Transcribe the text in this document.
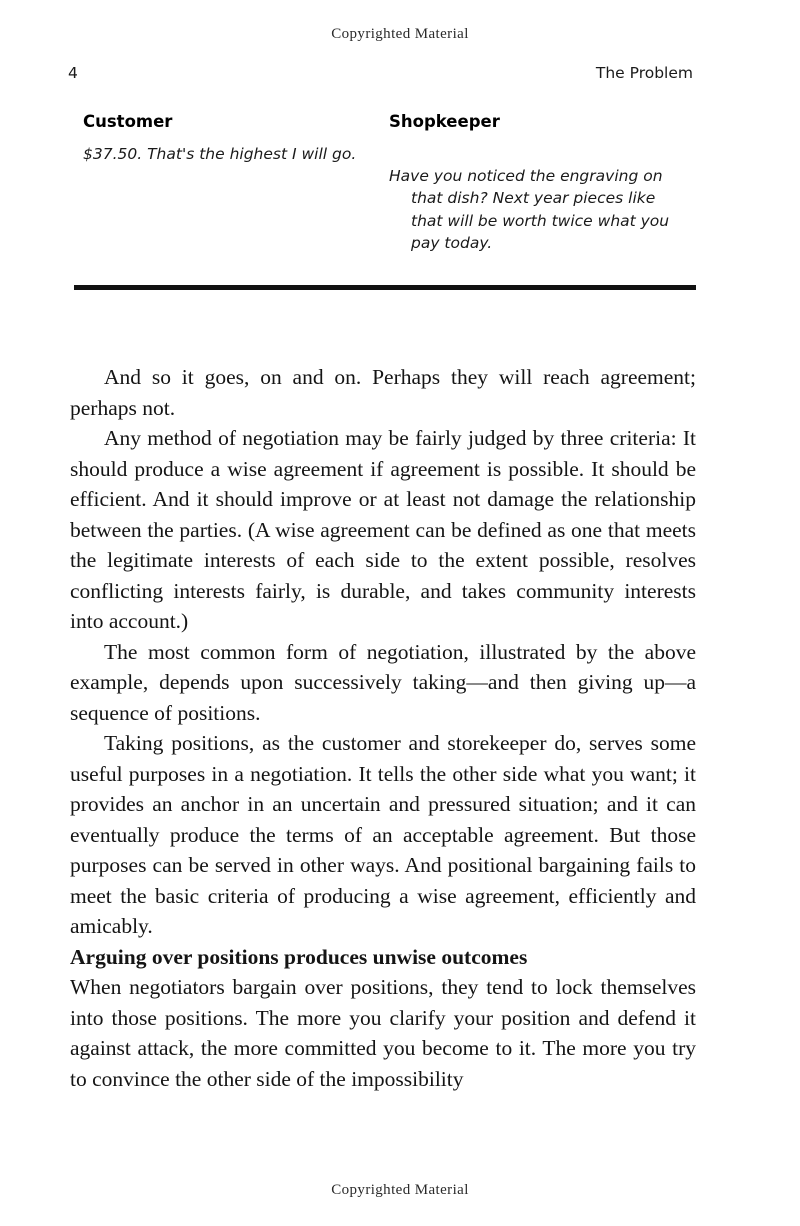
Copyrighted Material
4	The Problem
Customer
$37.50. That's the highest I will go.
Shopkeeper
Have you noticed the engraving on that dish? Next year pieces like that will be worth twice what you pay today.

And so it goes, on and on. Perhaps they will reach agreement; perhaps not.

Any method of negotiation may be fairly judged by three criteria: It should produce a wise agreement if agreement is possible. It should be efficient. And it should improve or at least not damage the relationship between the parties. (A wise agreement can be defined as one that meets the legitimate interests of each side to the extent possible, resolves conflicting interests fairly, is durable, and takes community interests into account.)

The most common form of negotiation, illustrated by the above example, depends upon successively taking—and then giving up—a sequence of positions.

Taking positions, as the customer and storekeeper do, serves some useful purposes in a negotiation. It tells the other side what you want; it provides an anchor in an uncertain and pressured situation; and it can eventually produce the terms of an acceptable agreement. But those purposes can be served in other ways. And positional bargaining fails to meet the basic criteria of producing a wise agreement, efficiently and amicably.

Arguing over positions produces unwise outcomes

When negotiators bargain over positions, they tend to lock themselves into those positions. The more you clarify your position and defend it against attack, the more committed you become to it. The more you try to convince the other side of the impossibility

Copyrighted Material
